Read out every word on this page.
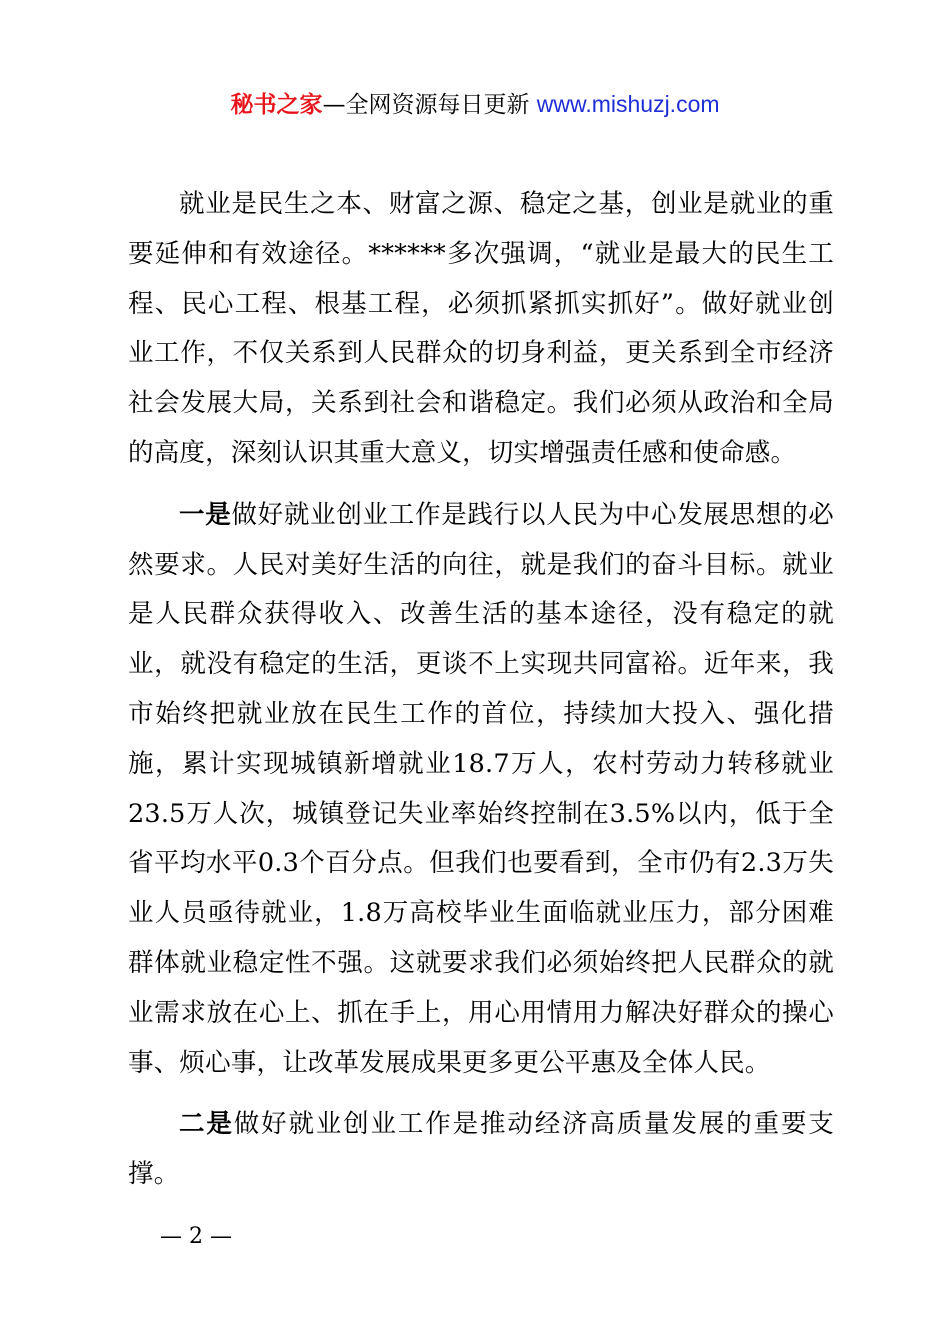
秘书之家—全网资源每日更新 www.mishuzj.com

就业是民生之本、财富之源、稳定之基，创业是就业的重要延伸和有效途径。******多次强调，“就业是最大的民生工程、民心工程、根基工程，必须抓紧抓实抓好”。做好就业创业工作，不仅关系到人民群众的切身利益，更关系到全市经济社会发展大局，关系到社会和谐稳定。我们必须从政治和全局的高度，深刻认识其重大意义，切实增强责任感和使命感。

一是做好就业创业工作是践行以人民为中心发展思想的必然要求。人民对美好生活的向往，就是我们的奋斗目标。就业是人民群众获得收入、改善生活的基本途径，没有稳定的就业，就没有稳定的生活，更谈不上实现共同富裕。近年来，我市始终把就业放在民生工作的首位，持续加大投入、强化措施，累计实现城镇新增就业18.7万人，农村劳动力转移就业23.5万人次，城镇登记失业率始终控制在3.5%以内，低于全省平均水平0.3个百分点。但我们也要看到，全市仍有2.3万失业人员亟待就业，1.8万高校毕业生面临就业压力，部分困难群体就业稳定性不强。这就要求我们必须始终把人民群众的就业需求放在心上、抓在手上，用心用情用力解决好群众的操心事、烦心事，让改革发展成果更多更公平惠及全体人民。

二是做好就业创业工作是推动经济高质量发展的重要支撑。

— 2 —
